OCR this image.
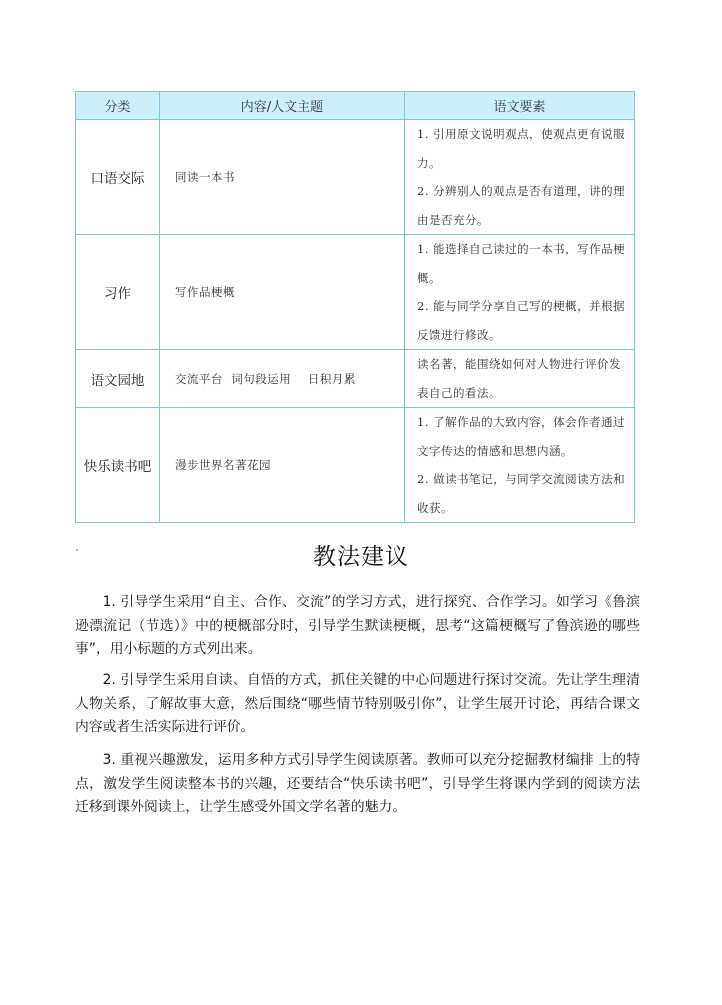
分类	内容/人文主题	语文要素
口语交际	同读一本书	1. 引用原文说明观点，使观点更有说服力。

2. 分辨别人的观点是否有道理，讲的理由是否充分。

习作	写作品梗概	1. 能选择自己读过的一本书，写作品梗概。

2. 能与同学分享自己写的梗概，并根据反馈进行修改。

语文园地	交流平台  词句段运用    日积月累	读名著，能围绕如何对人物进行评价发表自己的看法。

快乐读书吧	漫步世界名著花园	1. 了解作品的大致内容，体会作者通过文字传达的情感和思想内涵。

2. 做读书笔记，与同学交流阅读方法和收获。

教法建议

1. 引导学生采用“自主、合作、交流”的学习方式，进行探究、合作学习。如学习《鲁滨逊漂流记（节选）》中的梗概部分时，引导学生默读梗概，思考“这篇梗概写了鲁滨逊的哪些事”，用小标题的方式列出来。

2. 引导学生采用自读、自悟的方式，抓住关键的中心问题进行探讨交流。先让学生理清人物关系，了解故事大意，然后围绕“哪些情节特别吸引你”，让学生展开讨论，再结合课文内容或者生活实际进行评价。

3. 重视兴趣激发，运用多种方式引导学生阅读原著。教师可以充分挖掘教材编排 上的特点，激发学生阅读整本书的兴趣，还要结合“快乐读书吧”，引导学生将课内学到的阅读方法迁移到课外阅读上，让学生感受外国文学名著的魅力。
